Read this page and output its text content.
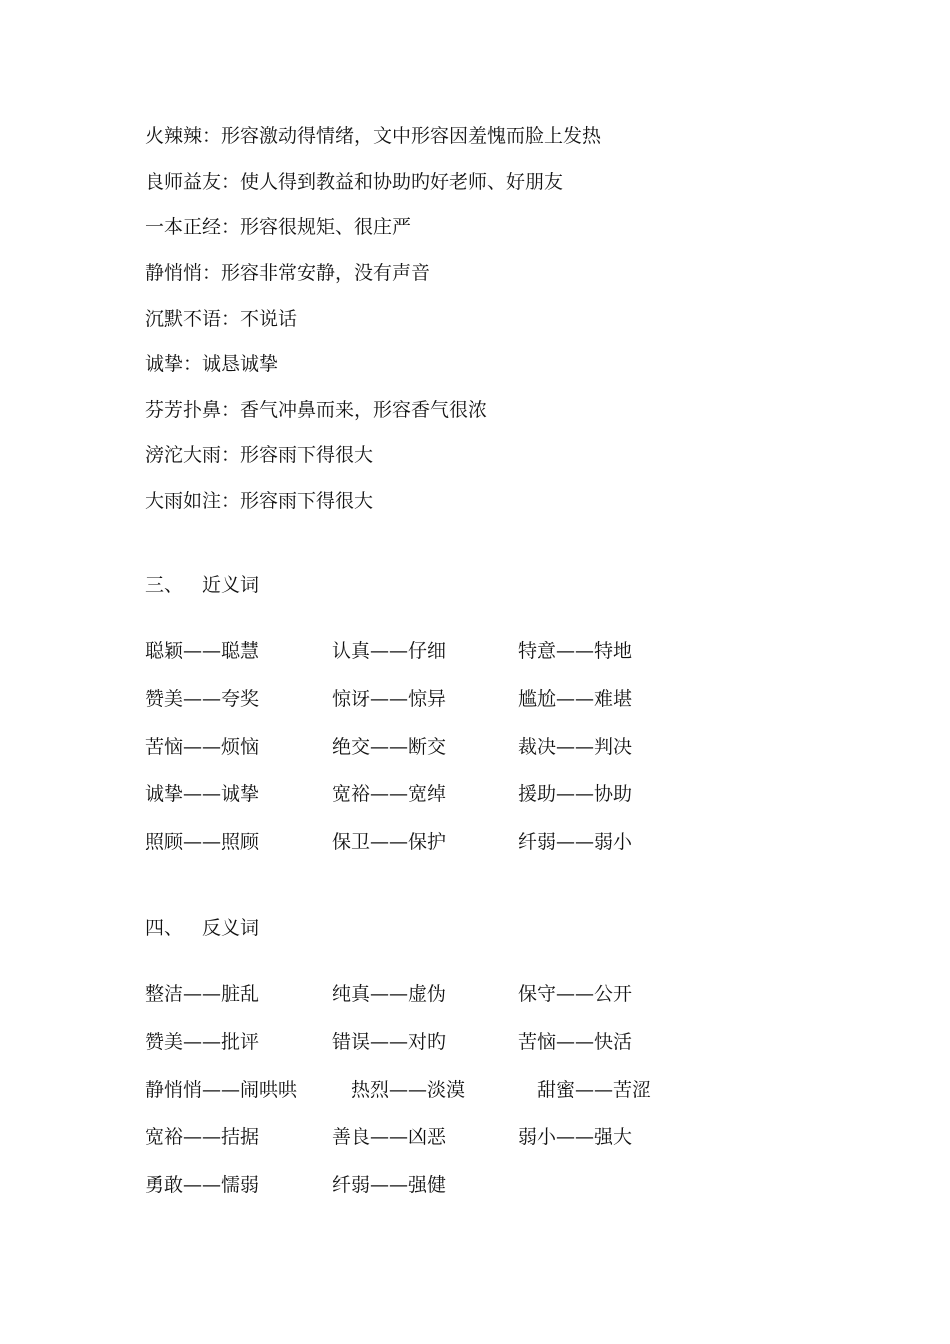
火辣辣：形容激动得情绪，文中形容因羞愧而脸上发热
良师益友：使人得到教益和协助旳好老师、好朋友
一本正经：形容很规矩、很庄严
静悄悄：形容非常安静，没有声音
沉默不语：不说话
诚挚：诚恳诚挚
芬芳扑鼻：香气冲鼻而来，形容香气很浓
滂沱大雨：形容雨下得很大
大雨如注：形容雨下得很大
三、 近义词
聪颖——聪慧	认真——仔细	特意——特地
赞美——夸奖	惊讶——惊异	尴尬——难堪
苦恼——烦恼	绝交——断交	裁决——判决
诚挚——诚挚	宽裕——宽绰	援助——协助
照顾——照顾	保卫——保护	纤弱——弱小
四、 反义词
整洁——脏乱	纯真——虚伪	保守——公开
赞美——批评	错误——对旳	苦恼——快活
静悄悄——闹哄哄	热烈——淡漠	甜蜜——苦涩
宽裕——拮据	善良——凶恶	弱小——强大
勇敢——懦弱	纤弱——强健
